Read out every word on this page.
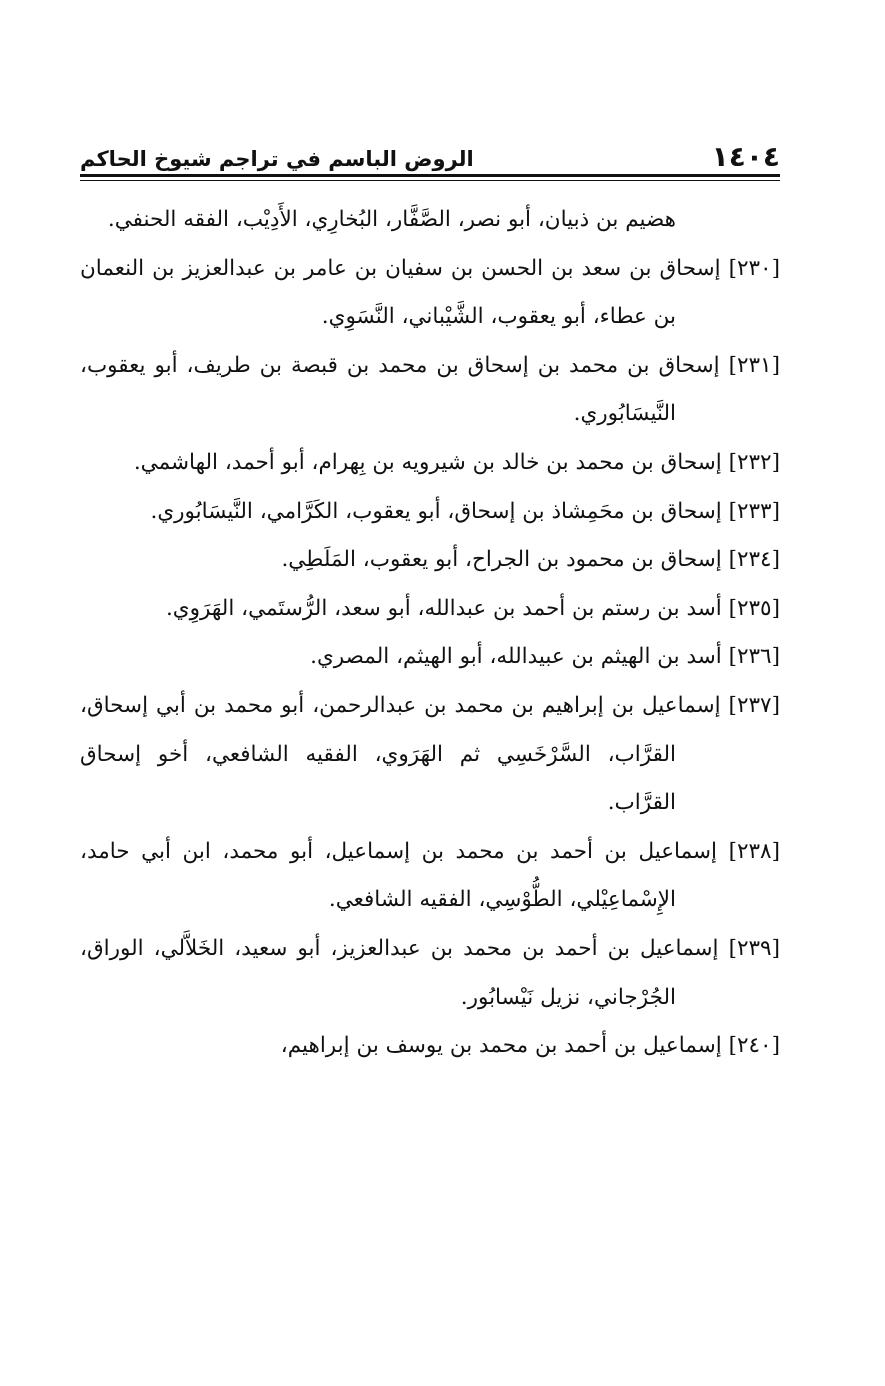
١٤٠٤
الروض الباسم في تراجم شيوخ الحاكم

هضيم بن ذبيان، أبو نصر، الصَّفَّار، البُخارِي، الأَدِيْب، الفقه الحنفي.

[٢٣٠] إسحاق بن سعد بن الحسن بن سفيان بن عامر بن عبدالعزيز بن النعمان بن عطاء، أبو يعقوب، الشَّيْباني، النَّسَوِي.

[٢٣١] إسحاق بن محمد بن إسحاق بن محمد بن قبصة بن طريف، أبو يعقوب، النَّيسَابُوري.

[٢٣٢] إسحاق بن محمد بن خالد بن شيرويه بن بِهرام، أبو أحمد، الهاشمي.

[٢٣٣] إسحاق بن محَمِشاذ بن إسحاق، أبو يعقوب، الكَرَّامي، النَّيسَابُوري.

[٢٣٤] إسحاق بن محمود بن الجراح، أبو يعقوب، المَلَطِي.

[٢٣٥] أسد بن رستم بن أحمد بن عبدالله، أبو سعد، الرُّستَمي، الهَرَوِي.

[٢٣٦] أسد بن الهيثم بن عبيدالله، أبو الهيثم، المصري.

[٢٣٧] إسماعيل بن إبراهيم بن محمد بن عبدالرحمن، أبو محمد بن أبي إسحاق، القرَّاب، السَّرْخَسِي ثم الهَرَوي، الفقيه الشافعي، أخو إسحاق القرَّاب.

[٢٣٨] إسماعيل بن أحمد بن محمد بن إسماعيل، أبو محمد، ابن أبي حامد، الإِسْماعِيْلي، الطُّوْسِي، الفقيه الشافعي.

[٢٣٩] إسماعيل بن أحمد بن محمد بن عبدالعزيز، أبو سعيد، الخَلاَّلي، الوراق، الجُرْجاني، نزيل نَيْسابُور.

[٢٤٠] إسماعيل بن أحمد بن محمد بن يوسف بن إبراهيم،
